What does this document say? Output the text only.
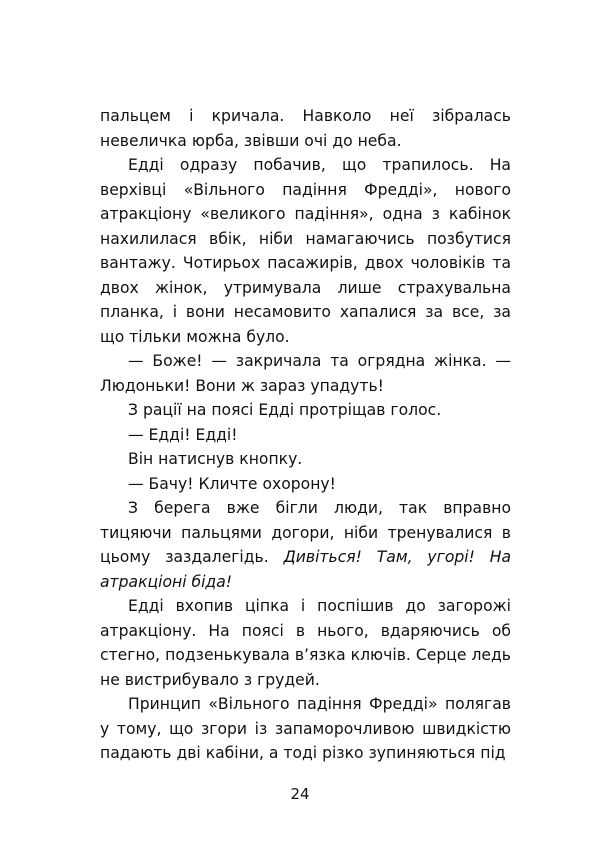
пальцем і кричала. Навколо неї зібралась невеличка юрба, звівши очі до неба.

Едді одразу побачив, що трапилось. На верхівці «Вільного падіння Фредді», нового атракціону «великого падіння», одна з кабінок нахилилася вбік, ніби намагаючись позбутися вантажу. Чотирьох пасажирів, двох чоловіків та двох жінок, утримувала лише страхувальна планка, і вони несамовито хапалися за все, за що тільки можна було.

— Боже! — закричала та огрядна жінка. — Людоньки! Вони ж зараз упадуть!

З рації на поясі Едді протріщав голос.

— Едді! Едді!

Він натиснув кнопку.

— Бачу! Кличте охорону!

З берега вже бігли люди, так вправно тицяючи пальцями догори, ніби тренувалися в цьому заздалегідь. Дивіться! Там, угорі! На атракціоні біда!

Едді вхопив ціпка і поспішив до загорожі атракціону. На поясі в нього, вдаряючись об стегно, подзенькувала в’язка ключів. Серце ледь не вистрибувало з грудей.

Принцип «Вільного падіння Фредді» полягав у тому, що згори із запаморочливою швидкістю падають дві кабіни, а тоді різко зупиняються під

24
